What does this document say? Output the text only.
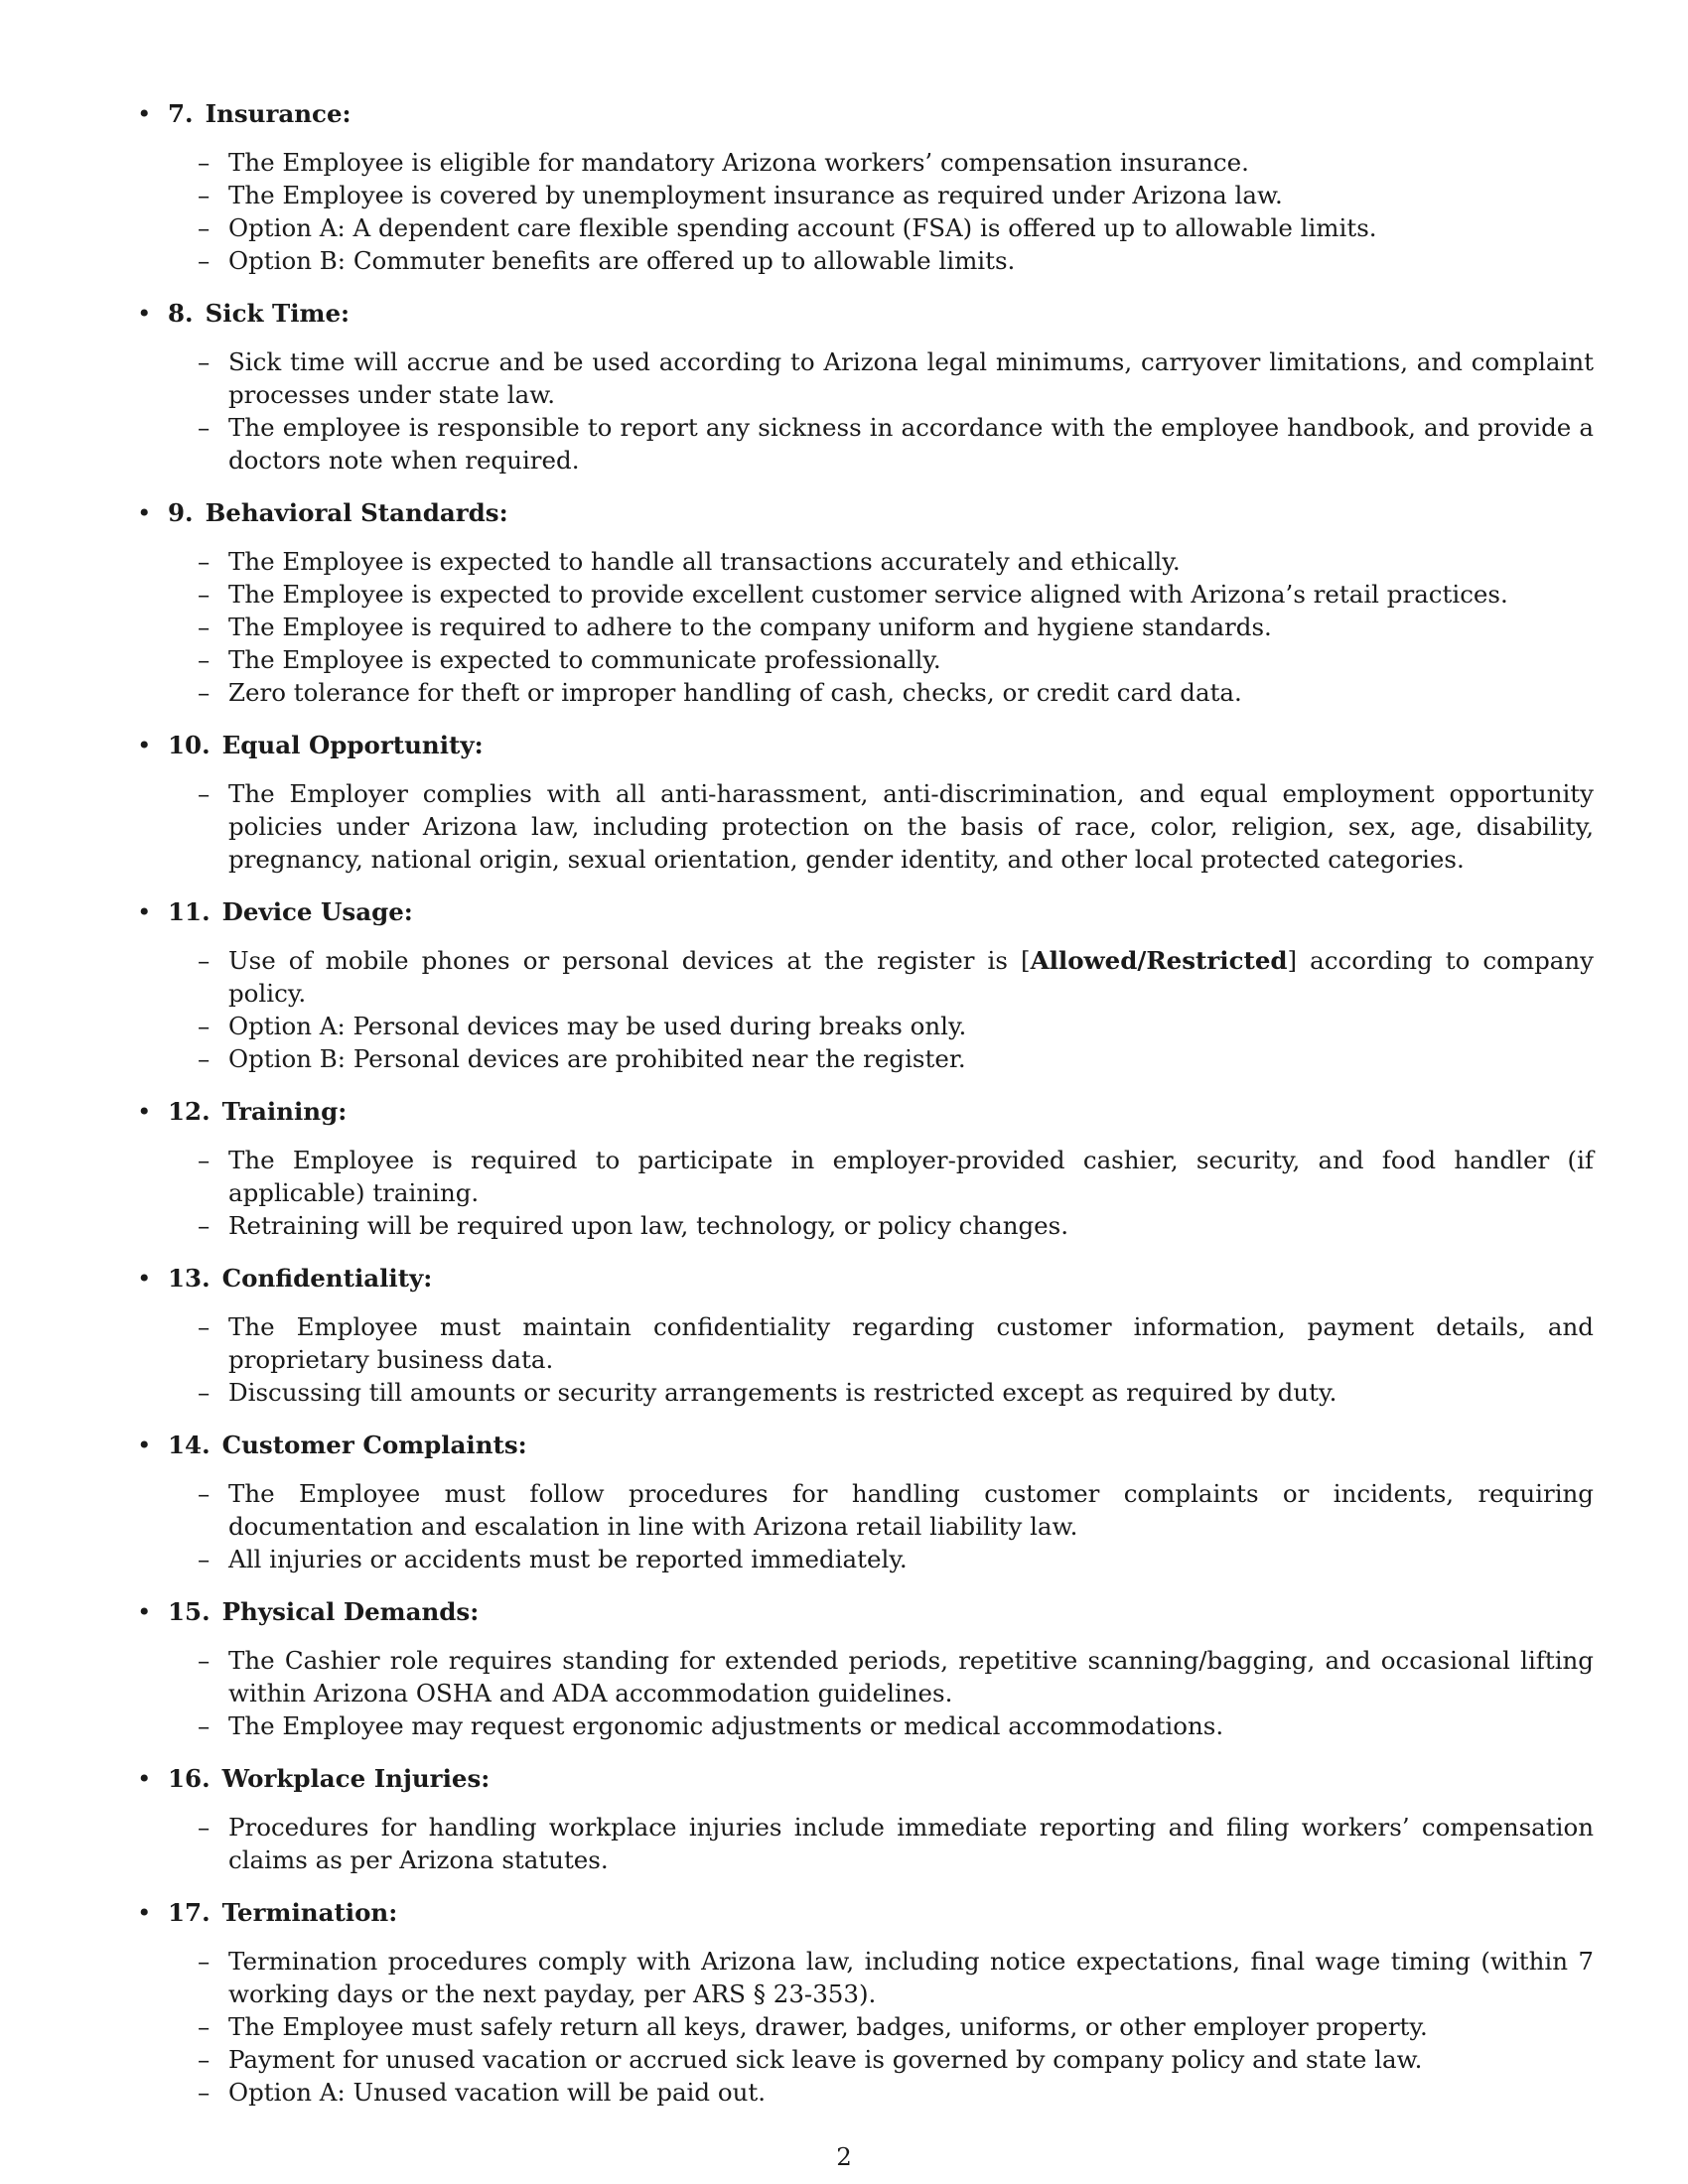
• 7. Insurance:
– The Employee is eligible for mandatory Arizona workers’ compensation insurance.
– The Employee is covered by unemployment insurance as required under Arizona law.
– Option A: A dependent care flexible spending account (FSA) is offered up to allowable limits.
– Option B: Commuter benefits are offered up to allowable limits.
• 8. Sick Time:
– Sick time will accrue and be used according to Arizona legal minimums, carryover limitations, and complaint processes under state law.
– The employee is responsible to report any sickness in accordance with the employee handbook, and provide a doctors note when required.
• 9. Behavioral Standards:
– The Employee is expected to handle all transactions accurately and ethically.
– The Employee is expected to provide excellent customer service aligned with Arizona’s retail practices.
– The Employee is required to adhere to the company uniform and hygiene standards.
– The Employee is expected to communicate professionally.
– Zero tolerance for theft or improper handling of cash, checks, or credit card data.
• 10. Equal Opportunity:
– The Employer complies with all anti-harassment, anti-discrimination, and equal employment opportunity policies under Arizona law, including protection on the basis of race, color, religion, sex, age, disability, pregnancy, national origin, sexual orientation, gender identity, and other local protected categories.
• 11. Device Usage:
– Use of mobile phones or personal devices at the register is [Allowed/Restricted] according to company policy.
– Option A: Personal devices may be used during breaks only.
– Option B: Personal devices are prohibited near the register.
• 12. Training:
– The Employee is required to participate in employer-provided cashier, security, and food handler (if applicable) training.
– Retraining will be required upon law, technology, or policy changes.
• 13. Confidentiality:
– The Employee must maintain confidentiality regarding customer information, payment details, and proprietary business data.
– Discussing till amounts or security arrangements is restricted except as required by duty.
• 14. Customer Complaints:
– The Employee must follow procedures for handling customer complaints or incidents, requiring documentation and escalation in line with Arizona retail liability law.
– All injuries or accidents must be reported immediately.
• 15. Physical Demands:
– The Cashier role requires standing for extended periods, repetitive scanning/bagging, and occasional lifting within Arizona OSHA and ADA accommodation guidelines.
– The Employee may request ergonomic adjustments or medical accommodations.
• 16. Workplace Injuries:
– Procedures for handling workplace injuries include immediate reporting and filing workers’ compensation claims as per Arizona statutes.
• 17. Termination:
– Termination procedures comply with Arizona law, including notice expectations, final wage timing (within 7 working days or the next payday, per ARS § 23-353).
– The Employee must safely return all keys, drawer, badges, uniforms, or other employer property.
– Payment for unused vacation or accrued sick leave is governed by company policy and state law.
– Option A: Unused vacation will be paid out.
2
